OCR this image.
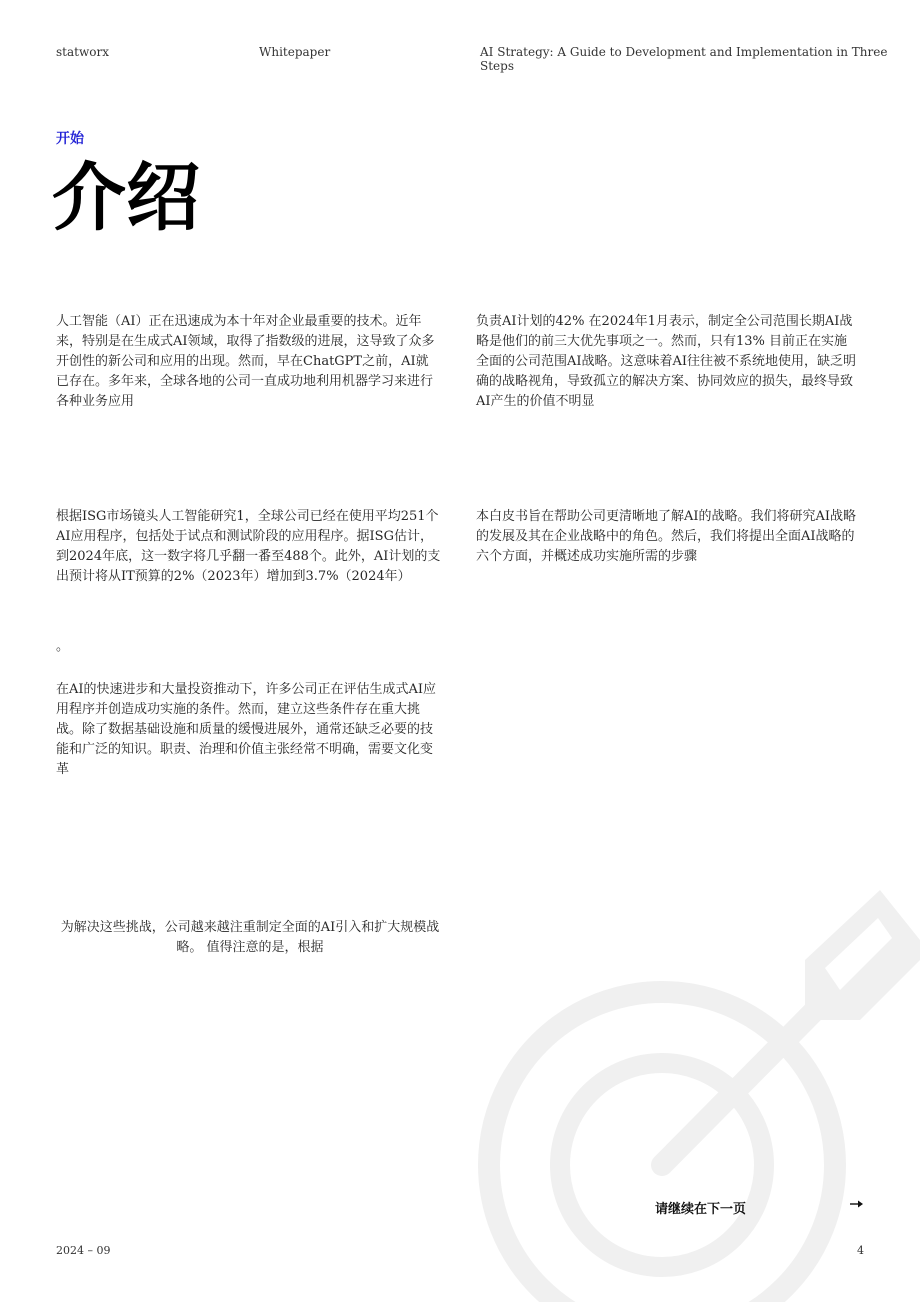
statworx	Whitepaper	AI Strategy: A Guide to Development and Implementation in Three Steps
开始
介绍

人工智能（AI）正在迅速成为本十年对企业最重要的技术。近年来，特别是在生成式AI领域，取得了指数级的进展，这导致了众多开创性的新公司和应用的出现。然而，早在ChatGPT之前，AI就已存在。多年来，全球各地的公司一直成功地利用机器学习来进行各种业务应用

根据ISG市场镜头人工智能研究1，全球公司已经在使用平均251个AI应用程序，包括处于试点和测试阶段的应用程序。据ISG估计，到2024年底，这一数字将几乎翻一番至488个。此外，AI计划的支出预计将从IT预算的2%（2023年）增加到3.7%（2024年）

。

在AI的快速进步和大量投资推动下，许多公司正在评估生成式AI应用程序并创造成功实施的条件。然而，建立这些条件存在重大挑战。除了数据基础设施和质量的缓慢进展外，通常还缺乏必要的技能和广泛的知识。职责、治理和价值主张经常不明确，需要文化变革

为解决这些挑战，公司越来越注重制定全面的AI引入和扩大规模战略。 值得注意的是，根据

负责AI计划的42% 在2024年1月表示，制定全公司范围长期AI战略是他们的前三大优先事项之一。然而，只有13% 目前正在实施全面的公司范围AI战略。这意味着AI往往被不系统地使用，缺乏明确的战略视角，导致孤立的解决方案、协同效应的损失，最终导致AI产生的价值不明显

本白皮书旨在帮助公司更清晰地了解AI的战略。我们将研究AI战略的发展及其在企业战略中的角色。然后，我们将提出全面AI战略的六个方面，并概述成功实施所需的步骤

请继续在下一页
2024 – 09	4
